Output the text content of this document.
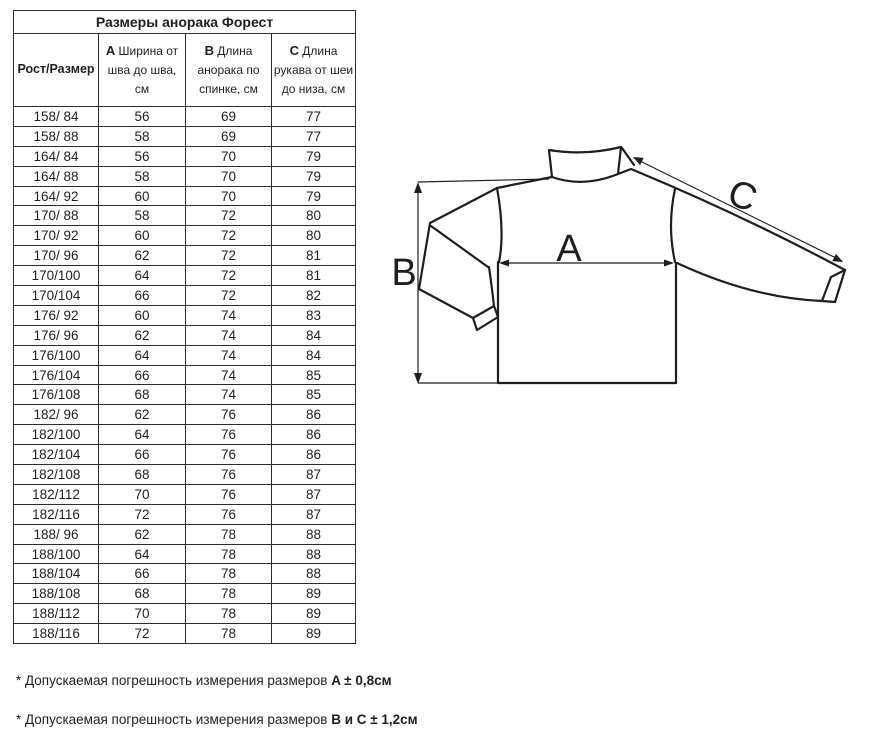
Размеры анорака Форест			
Рост/Размер	A Ширина от шва до шва, см	B Длина анорака по спинке, см	C Длина рукава от шеи до низа, см
158/ 84	56	69	77
158/ 88	58	69	77
164/ 84	56	70	79
164/ 88	58	70	79
164/ 92	60	70	79
170/ 88	58	72	80
170/ 92	60	72	80
170/ 96	62	72	81
170/100	64	72	81
170/104	66	72	82
176/ 92	60	74	83
176/ 96	62	74	84
176/100	64	74	84
176/104	66	74	85
176/108	68	74	85
182/ 96	62	76	86
182/100	64	76	86
182/104	66	76	86
182/108	68	76	87
182/112	70	76	87
182/116	72	76	87
188/ 96	62	78	88
188/100	64	78	88
188/104	66	78	88
188/108	68	78	89
188/112	70	78	89
188/116	72	78	89
A
B
C

* Допускаемая погрешность измерения размеров A ± 0,8см

* Допускаемая погрешность измерения размеров B и C ± 1,2см
